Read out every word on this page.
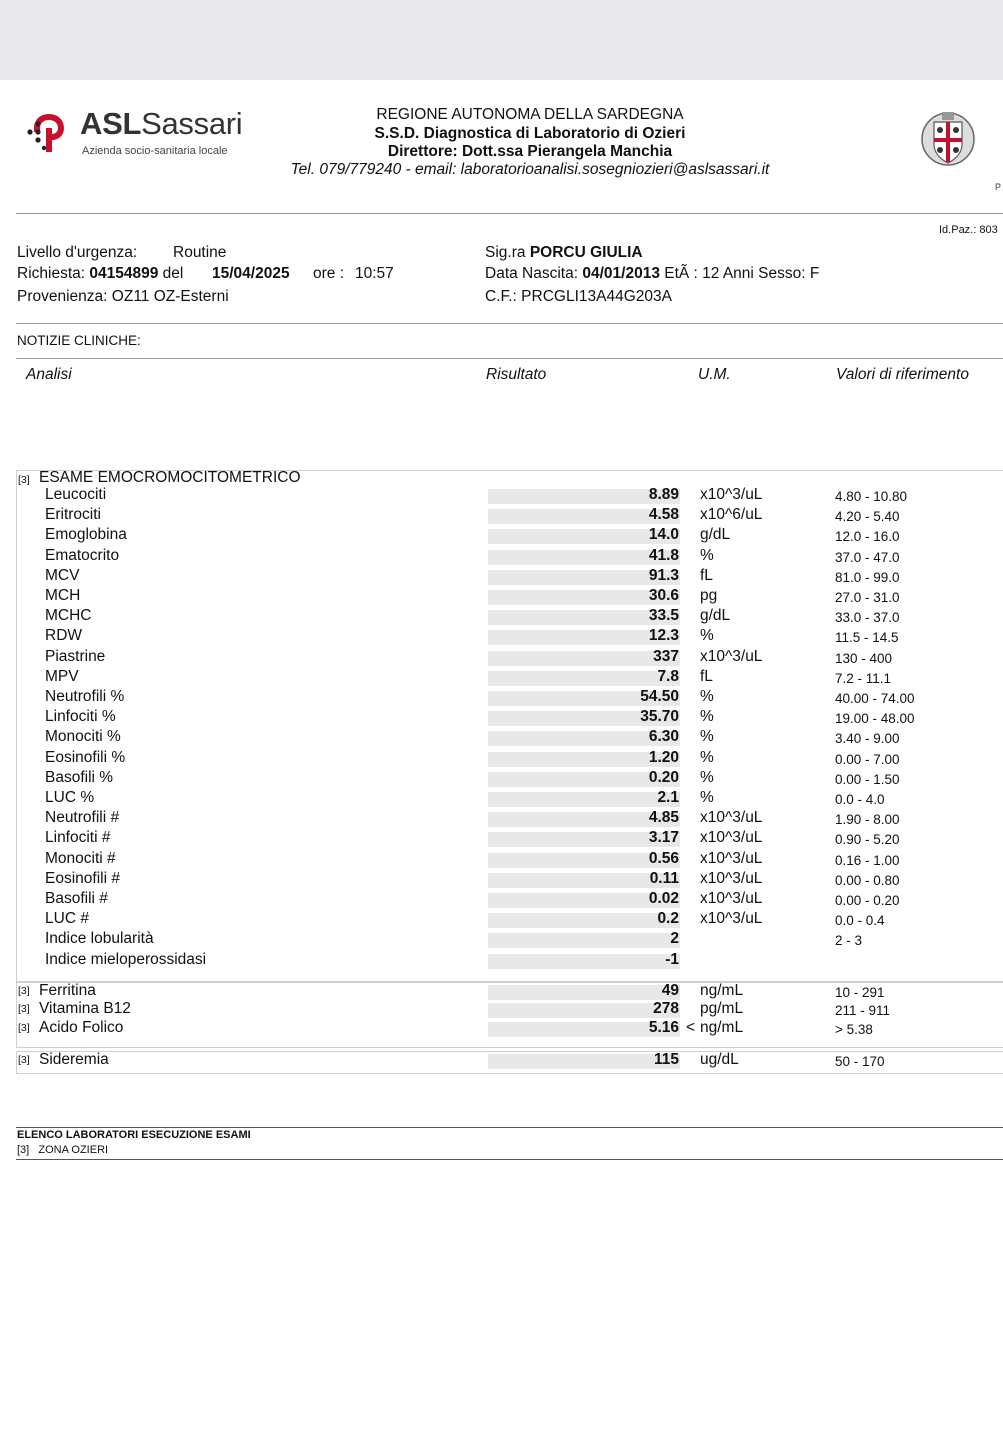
ASLSassari
Azienda socio-sanitaria locale
REGIONE AUTONOMA DELLA SARDEGNA
S.S.D. Diagnostica di Laboratorio di Ozieri
Direttore: Dott.ssa Pierangela Manchia
Tel. 079/779240 - email: laboratorioanalisi.sosegniozieri@aslsassari.it
P
Id.Paz.: 803
Livello d'urgenza: Routine
Richiesta: 04154899 del 15/04/2025 ore : 10:57
Provenienza: OZ11 OZ-Esterni
Sig.ra PORCU GIULIA
Data Nascita: 04/01/2013 EtÃ : 12 Anni Sesso: F
C.F.: PRCGLI13A44G203A
NOTIZIE CLINICHE:
Analisi	Risultato	U.M.	Valori di riferimento
[3] ESAME EMOCROMOCITOMETRICO
Leucociti	8.89 x10^3/uL	4.80 - 10.80
Eritrociti	4.58 x10^6/uL	4.20 - 5.40
Emoglobina	14.0 g/dL	12.0 - 16.0
Ematocrito	41.8 %	37.0 - 47.0
MCV	91.3 fL	81.0 - 99.0
MCH	30.6 pg	27.0 - 31.0
MCHC	33.5 g/dL	33.0 - 37.0
RDW	12.3 %	11.5 - 14.5
Piastrine	337 x10^3/uL	130 - 400
MPV	7.8 fL	7.2 - 11.1
Neutrofili %	54.50 %	40.00 - 74.00
Linfociti %	35.70 %	19.00 - 48.00
Monociti %	6.30 %	3.40 - 9.00
Eosinofili %	1.20 %	0.00 - 7.00
Basofili %	0.20 %	0.00 - 1.50
LUC %	2.1 %	0.0 - 4.0
Neutrofili #	4.85 x10^3/uL	1.90 - 8.00
Linfociti #	3.17 x10^3/uL	0.90 - 5.20
Monociti #	0.56 x10^3/uL	0.16 - 1.00
Eosinofili #	0.11 x10^3/uL	0.00 - 0.80
Basofili #	0.02 x10^3/uL	0.00 - 0.20
LUC #	0.2 x10^3/uL	0.0 - 0.4
Indice lobularità	2	2 - 3
Indice mieloperossidasi	-1
[3] Ferritina	49 ng/mL	10 - 291
[3] Vitamina B12	278 pg/mL	211 - 911
[3] Acido Folico	5.16 < ng/mL	> 5.38
[3] Sideremia	115 ug/dL	50 - 170
ELENCO LABORATORI ESECUZIONE ESAMI
[3] ZONA OZIERI
